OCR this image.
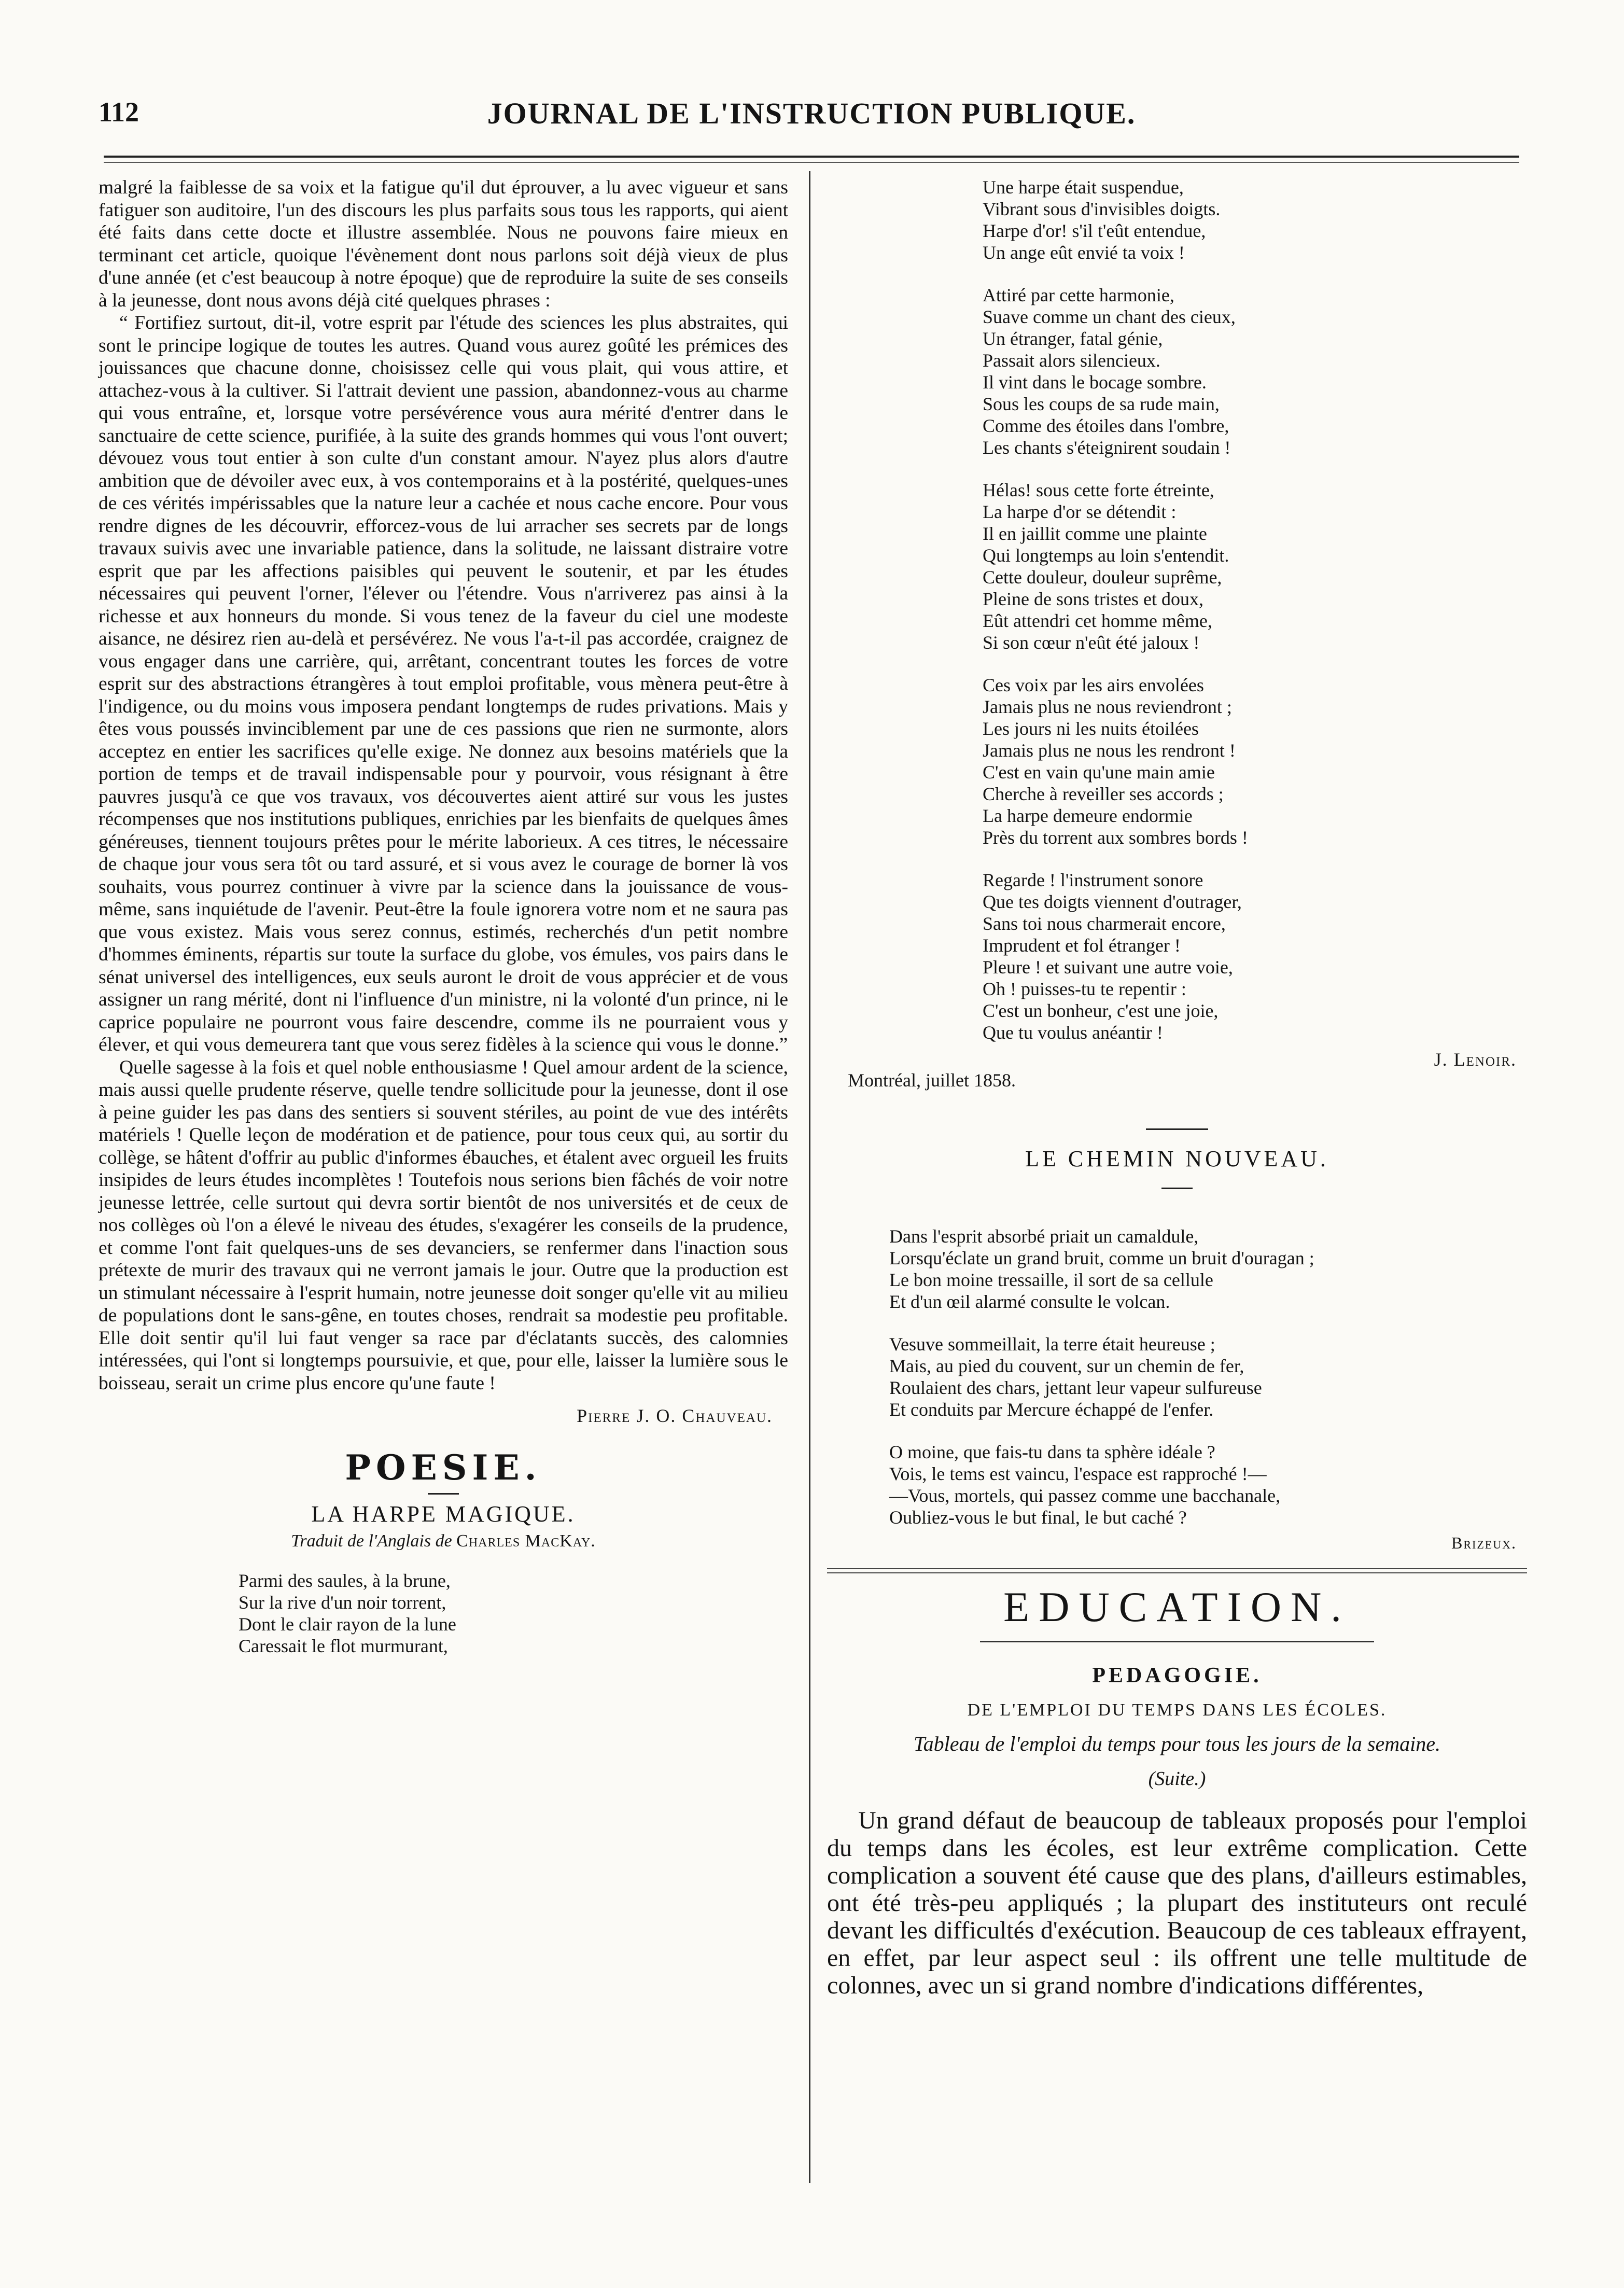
112	JOURNAL DE L'INSTRUCTION PUBLIQUE.

malgré la faiblesse de sa voix et la fatigue qu'il dut éprouver, a lu avec vigueur et sans fatiguer son auditoire, l'un des discours les plus parfaits sous tous les rapports, qui aient été faits dans cette docte et illustre assemblée. Nous ne pouvons faire mieux en terminant cet article, quoique l'évènement dont nous parlons soit déjà vieux de plus d'une année (et c'est beaucoup à notre époque) que de reproduire la suite de ses conseils à la jeunesse, dont nous avons déjà cité quelques phrases :

“ Fortifiez surtout, dit-il, votre esprit par l'étude des sciences les plus abstraites, qui sont le principe logique de toutes les autres. Quand vous aurez goûté les prémices des jouissances que chacune donne, choisissez celle qui vous plait, qui vous attire, et attachez-vous à la cultiver. Si l'attrait devient une passion, abandonnez-vous au charme qui vous entraîne, et, lorsque votre persévérence vous aura mérité d'entrer dans le sanctuaire de cette science, purifiée, à la suite des grands hommes qui vous l'ont ouvert; dévouez vous tout entier à son culte d'un constant amour. N'ayez plus alors d'autre ambition que de dévoiler avec eux, à vos contemporains et à la postérité, quelques-unes de ces vérités impérissables que la nature leur a cachée et nous cache encore. Pour vous rendre dignes de les découvrir, efforcez-vous de lui arracher ses secrets par de longs travaux suivis avec une invariable patience, dans la solitude, ne laissant distraire votre esprit que par les affections paisibles qui peuvent le soutenir, et par les études nécessaires qui peuvent l'orner, l'élever ou l'étendre. Vous n'arriverez pas ainsi à la richesse et aux honneurs du monde. Si vous tenez de la faveur du ciel une modeste aisance, ne désirez rien au-delà et persévérez. Ne vous l'a-t-il pas accordée, craignez de vous engager dans une carrière, qui, arrêtant, concentrant toutes les forces de votre esprit sur des abstractions étrangères à tout emploi profitable, vous mènera peut-être à l'indigence, ou du moins vous imposera pendant longtemps de rudes privations. Mais y êtes vous poussés invinciblement par une de ces passions que rien ne surmonte, alors acceptez en entier les sacrifices qu'elle exige. Ne donnez aux besoins matériels que la portion de temps et de travail indispensable pour y pourvoir, vous résignant à être pauvres jusqu'à ce que vos travaux, vos découvertes aient attiré sur vous les justes récompenses que nos institutions publiques, enrichies par les bienfaits de quelques âmes généreuses, tiennent toujours prêtes pour le mérite laborieux. A ces titres, le nécessaire de chaque jour vous sera tôt ou tard assuré, et si vous avez le courage de borner là vos souhaits, vous pourrez continuer à vivre par la science dans la jouissance de vous-même, sans inquiétude de l'avenir. Peut-être la foule ignorera votre nom et ne saura pas que vous existez. Mais vous serez connus, estimés, recherchés d'un petit nombre d'hommes éminents, répartis sur toute la surface du globe, vos émules, vos pairs dans le sénat universel des intelligences, eux seuls auront le droit de vous apprécier et de vous assigner un rang mérité, dont ni l'influence d'un ministre, ni la volonté d'un prince, ni le caprice populaire ne pourront vous faire descendre, comme ils ne pourraient vous y élever, et qui vous demeurera tant que vous serez fidèles à la science qui vous le donne.”

Quelle sagesse à la fois et quel noble enthousiasme ! Quel amour ardent de la science, mais aussi quelle prudente réserve, quelle tendre sollicitude pour la jeunesse, dont il ose à peine guider les pas dans des sentiers si souvent stériles, au point de vue des intérêts matériels ! Quelle leçon de modération et de patience, pour tous ceux qui, au sortir du collège, se hâtent d'offrir au public d'informes ébauches, et étalent avec orgueil les fruits insipides de leurs études incomplètes ! Toutefois nous serions bien fâchés de voir notre jeunesse lettrée, celle surtout qui devra sortir bientôt de nos universités et de ceux de nos collèges où l'on a élevé le niveau des études, s'exagérer les conseils de la prudence, et comme l'ont fait quelques-uns de ses devanciers, se renfermer dans l'inaction sous prétexte de murir des travaux qui ne verront jamais le jour. Outre que la production est un stimulant nécessaire à l'esprit humain, notre jeunesse doit songer qu'elle vit au milieu de populations dont le sans-gêne, en toutes choses, rendrait sa modestie peu profitable. Elle doit sentir qu'il lui faut venger sa race par d'éclatants succès, des calomnies intéressées, qui l'ont si longtemps poursuivie, et que, pour elle, laisser la lumière sous le boisseau, serait un crime plus encore qu'une faute !

Pierre J. O. Chauveau.
POESIE.
LA HARPE MAGIQUE.
Traduit de l'Anglais de Charles MacKay.
Parmi des saules, à la brune,
Sur la rive d'un noir torrent,
Dont le clair rayon de la lune
Caressait le flot murmurant,
Une harpe était suspendue,
Vibrant sous d'invisibles doigts.
Harpe d'or! s'il t'eût entendue,
Un ange eût envié ta voix !
Attiré par cette harmonie,
Suave comme un chant des cieux,
Un étranger, fatal génie,
Passait alors silencieux.
Il vint dans le bocage sombre.
Sous les coups de sa rude main,
Comme des étoiles dans l'ombre,
Les chants s'éteignirent soudain !
Hélas! sous cette forte étreinte,
La harpe d'or se détendit :
Il en jaillit comme une plainte
Qui longtemps au loin s'entendit.
Cette douleur, douleur suprême,
Pleine de sons tristes et doux,
Eût attendri cet homme même,
Si son cœur n'eût été jaloux !
Ces voix par les airs envolées
Jamais plus ne nous reviendront ;
Les jours ni les nuits étoilées
Jamais plus ne nous les rendront !
C'est en vain qu'une main amie
Cherche à reveiller ses accords ;
La harpe demeure endormie
Près du torrent aux sombres bords !
Regarde ! l'instrument sonore
Que tes doigts viennent d'outrager,
Sans toi nous charmerait encore,
Imprudent et fol étranger !
Pleure ! et suivant une autre voie,
Oh ! puisses-tu te repentir :
C'est un bonheur, c'est une joie,
Que tu voulus anéantir !
Montréal, juillet 1858.
J. Lenoir.
LE CHEMIN NOUVEAU.
Dans l'esprit absorbé priait un camaldule,
Lorsqu'éclate un grand bruit, comme un bruit d'ouragan ;
Le bon moine tressaille, il sort de sa cellule
Et d'un œil alarmé consulte le volcan.
Vesuve sommeillait, la terre était heureuse ;
Mais, au pied du couvent, sur un chemin de fer,
Roulaient des chars, jettant leur vapeur sulfureuse
Et conduits par Mercure échappé de l'enfer.
O moine, que fais-tu dans ta sphère idéale ?
Vois, le tems est vaincu, l'espace est rapproché !—
—Vous, mortels, qui passez comme une bacchanale,
Oubliez-vous le but final, le but caché ?
Brizeux.
EDUCATION.
PEDAGOGIE.
DE L'EMPLOI DU TEMPS DANS LES ÉCOLES.
Tableau de l'emploi du temps pour tous les jours de la semaine.
(Suite.)

Un grand défaut de beaucoup de tableaux proposés pour l'emploi du temps dans les écoles, est leur extrême complication. Cette complication a souvent été cause que des plans, d'ailleurs estimables, ont été très-peu appliqués ; la plupart des instituteurs ont reculé devant les difficultés d'exécution. Beaucoup de ces tableaux effrayent, en effet, par leur aspect seul : ils offrent une telle multitude de colonnes, avec un si grand nombre d'indications différentes,
